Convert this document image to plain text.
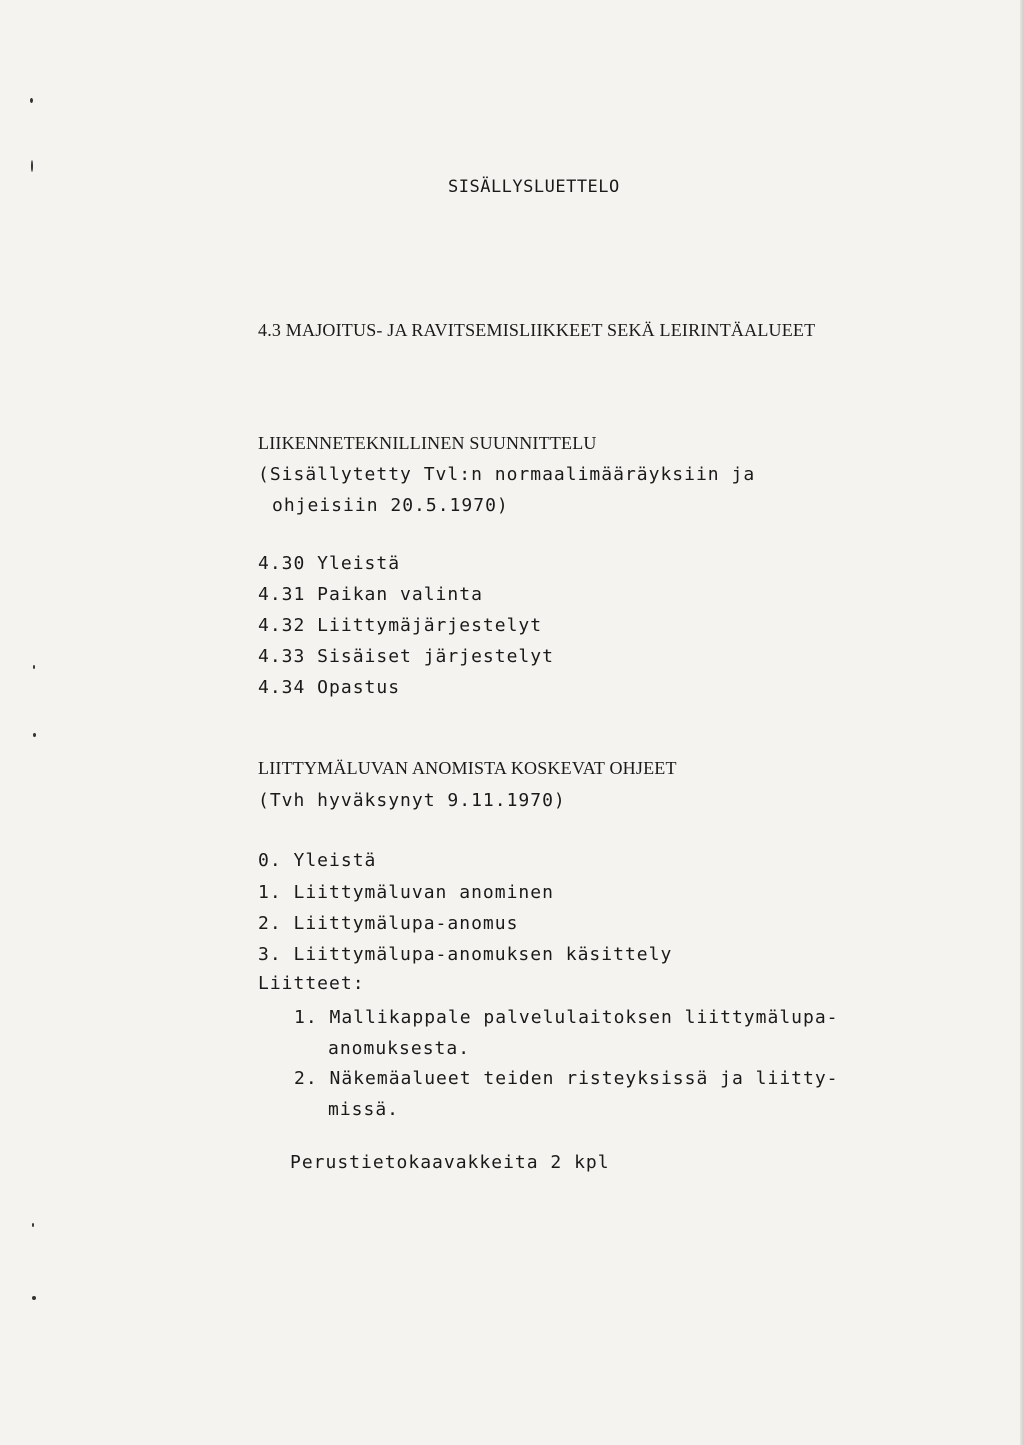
SISÄLLYSLUETTELO
4.3 MAJOITUS- JA RAVITSEMISLIIKKEET SEKÄ LEIRINTÄALUEET
LIIKENNETEKNILLINEN SUUNNITTELU
(Sisällytetty Tvl:n normaalimääräyksiin ja
ohjeisiin 20.5.1970)
4.30 Yleistä
4.31 Paikan valinta
4.32 Liittymäjärjestelyt
4.33 Sisäiset järjestelyt
4.34 Opastus
LIITTYMÄLUVAN ANOMISTA KOSKEVAT OHJEET
(Tvh hyväksynyt 9.11.1970)
0. Yleistä
1. Liittymäluvan anominen
2. Liittymälupa-anomus
3. Liittymälupa-anomuksen käsittely
Liitteet:
1. Mallikappale palvelulaitoksen liittymälupa-
anomuksesta.
2. Näkemäalueet teiden risteyksissä ja liitty-
missä.
Perustietokaavakkeita 2 kpl
